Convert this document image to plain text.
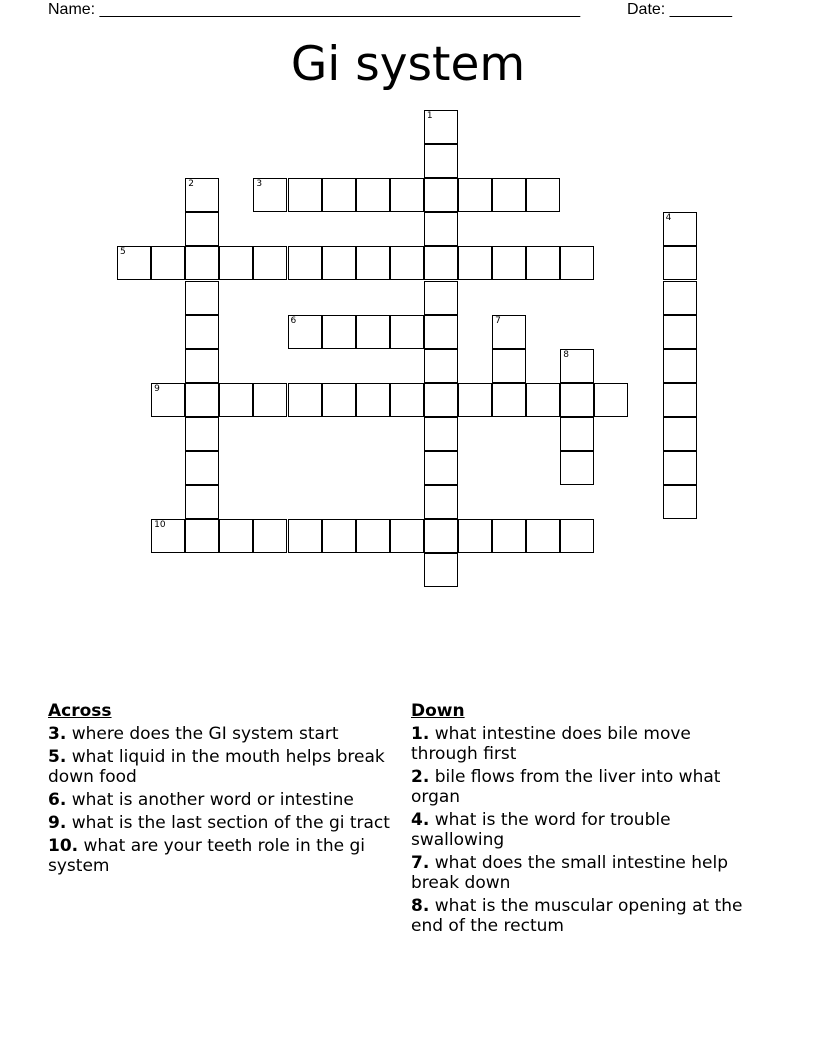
Name: ______________________________________________________	Date: _______
Gi system
1
2	3
4
5
6	7
8
9
10
Across
3. where does the GI system start
5. what liquid in the mouth helps break down food
6. what is another word or intestine
9. what is the last section of the gi tract
10. what are your teeth role in the gi system
Down
1. what intestine does bile move through first
2. bile flows from the liver into what organ
4. what is the word for trouble swallowing
7. what does the small intestine help break down
8. what is the muscular opening at the end of the rectum
